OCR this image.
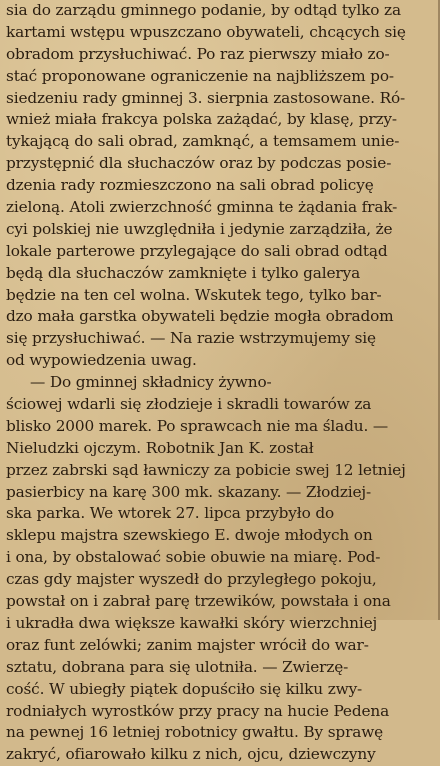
sia do zarządu gminnego podanie, by odtąd tylko za
kartami wstępu wpuszczano obywateli, chcących się
obradom przysłuchiwać. Po raz pierwszy miało zo-
stać proponowane ograniczenie na najbliższem po-
siedzeniu rady gminnej 3. sierpnia zastosowane. Ró-
wnież miała frakcya polska zażądać, by klasę, przy-
tykającą do sali obrad, zamknąć, a temsamem unie-
przystępnić dla słuchaczów oraz by podczas posie-
dzenia rady rozmieszczono na sali obrad policyę
zieloną. Atoli zwierzchność gminna te żądania frak-
cyi polskiej nie uwzględniła i jedynie zarządziła, że
lokale parterowe przylegające do sali obrad odtąd
będą dla słuchaczów zamknięte i tylko galerya
będzie na ten cel wolna. Wskutek tego, tylko bar-
dzo mała garstka obywateli będzie mogła obradom
się przysłuchiwać. — Na razie wstrzymujemy się
od wypowiedzenia uwag.
— Do gminnej składnicy żywno-
ściowej wdarli się złodzieje i skradli towarów za
blisko 2000 marek. Po sprawcach nie ma śladu. —
Nieludzki ojczym. Robotnik Jan K. został
przez zabrski sąd ławniczy za pobicie swej 12 letniej
pasierbicy na karę 300 mk. skazany. — Złodziej-
ska parka. We wtorek 27. lipca przybyło do
sklepu majstra szewskiego E. dwoje młodych on
i ona, by obstalować sobie obuwie na miarę. Pod-
czas gdy majster wyszedł do przyległego pokoju,
powstał on i zabrał parę trzewików, powstała i ona
i ukradła dwa większe kawałki skóry wierzchniej
oraz funt zelówki; zanim majster wrócił do war-
sztatu, dobrana para się ulotniła. — Zwierzę-
cość. W ubiegły piątek dopuściło się kilku zwy-
rodniałych wyrostków przy pracy na hucie Pedena
na pewnej 16 letniej robotnicy gwałtu. By sprawę
zakryć, ofiarowało kilku z nich, ojcu, dziewczyny
